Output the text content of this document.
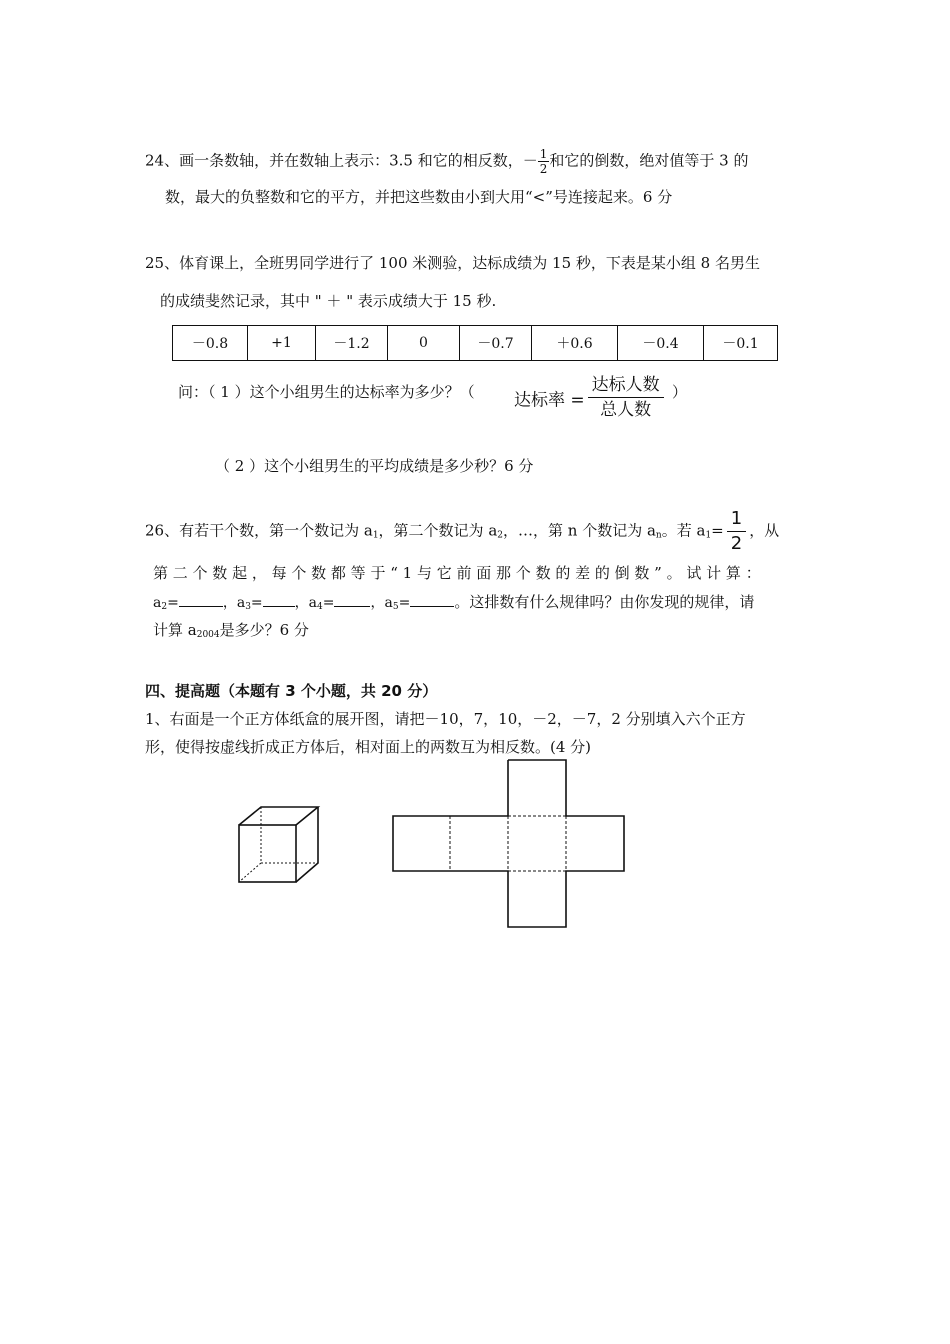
24、画一条数轴，并在数轴上表示：3.5 和它的相反数，－ $\frac{1}{2}$ 和它的倒数，绝对值等于 3 的
数，最大的负整数和它的平方，并把这些数由小到大用“<”号连接起来。6 分
25、体育课上，全班男同学进行了 100 米测验，达标成绩为 15 秒，下表是某小组 8 名男生
的成绩斐然记录，其中 " ＋ " 表示成绩大于 15 秒.
－0.8	+1	－1.2	0	－0.7	＋0.6	－0.4	－0.1
问：（ 1 ）这个小组男生的达标率为多少？（ 达标率 = $\frac{\text{达标人数}}{\text{总人数}}$ ）
（ 2 ）这个小组男生的平均成绩是多少秒？6 分
26、有若干个数，第一个数记为 $a_1$，第二个数记为 $a_2$，…，第 n 个数记为 $a_n$。若 $a_1= \frac{1}{2}$ ，从
第 二 个 数 起 ， 每 个 数 都 等 于 “ 1 与 它 前 面 那 个 数 的 差 的 倒 数 ” 。 试 计 算 ：
$a_2=$	，$a_3=$ ，$a_4=$	，$a_5=$	。这排数有什么规律吗？由你发现的规律，请
计算 $a_{2004}$是多少？6 分
四、提高题（本题有 3 个小题，共 20 分）
1、右面是一个正方体纸盒的展开图，请把－10，7，10，－2，－7，2 分别填入六个正方
形，使得按虚线折成正方体后，相对面上的两数互为相反数。(4 分)
